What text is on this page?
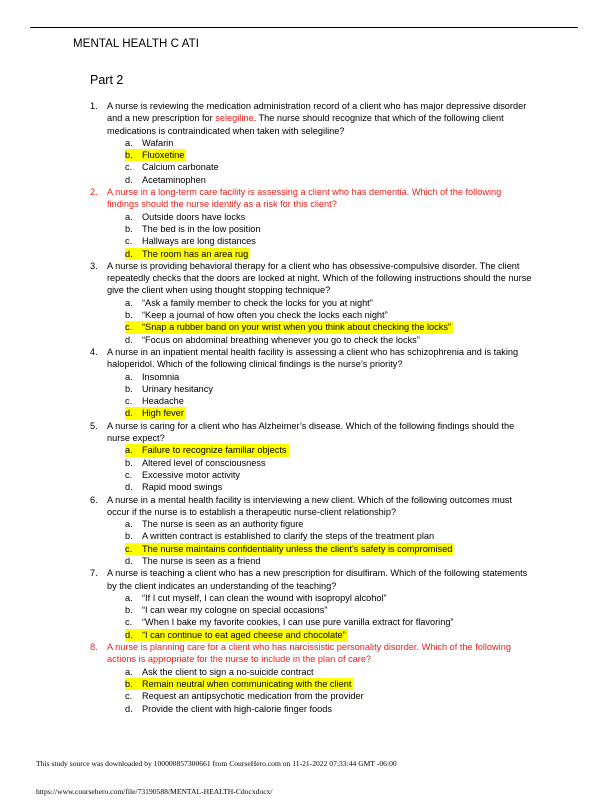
MENTAL HEALTH C ATI
Part 2
1. A nurse is reviewing the medication administration record of a client who has major depressive disorder and a new prescription for selegiline. The nurse should recognize that which of the following client medications is contraindicated when taken with selegiline?
a. Wafarin
b. Fluoxetine
c. Calcium carbonate
d. Acetaminophen
2. A nurse in a long-term care facility is assessing a client who has dementia. Which of the following findings should the nurse identify as a risk for this client?
a. Outside doors have locks
b. The bed is in the low position
c. Hallways are long distances
d. The room has an area rug
3. A nurse is providing behavioral therapy for a client who has obsessive-compulsive disorder. The client repeatedly checks that the doors are locked at night. Which of the following instructions should the nurse give the client when using thought stopping technique?
a. “Ask a family member to check the locks for you at night”
b. “Keep a journal of how often you check the locks each night”
c. “Snap a rubber band on your wrist when you think about checking the locks”
d. “Focus on abdominal breathing whenever you go to check the locks”
4. A nurse in an inpatient mental health facility is assessing a client who has schizophrenia and is taking haloperidol. Which of the following clinical findings is the nurse’s priority?
a. Insomnia
b. Urinary hesitancy
c. Headache
d. High fever
5. A nurse is caring for a client who has Alzheimer’s disease. Which of the following findings should the nurse expect?
a. Failure to recognize familiar objects
b. Altered level of consciousness
c. Excessive motor activity
d. Rapid mood swings
6. A nurse in a mental health facility is interviewing a new client. Which of the following outcomes must occur if the nurse is to establish a therapeutic nurse-client relationship?
a. The nurse is seen as an authority figure
b. A written contract is established to clarify the steps of the treatment plan
c. The nurse maintains confidentiality unless the client’s safety is compromised
d. The nurse is seen as a friend
7. A nurse is teaching a client who has a new prescription for disulfiram. Which of the following statements by the client indicates an understanding of the teaching?
a. “If I cut myself, I can clean the wound with isopropyl alcohol”
b. “I can wear my cologne on special occasions”
c. “When I bake my favorite cookies, I can use pure vanilla extract for flavoring”
d. “I can continue to eat aged cheese and chocolate”
8. A nurse is planning care for a client who has narcissistic personality disorder. Which of the following actions is appropriate for the nurse to include in the plan of care?
a. Ask the client to sign a no-suicide contract
b. Remain neutral when communicating with the client
c. Request an antipsychotic medication from the provider
d. Provide the client with high-calorie finger foods
This study source was downloaded by 100000857300661 from CourseHero.com on 11-21-2022 07:33:44 GMT -06:00
https://www.coursehero.com/file/73190588/MENTAL-HEALTH-Cdocxdocx/
